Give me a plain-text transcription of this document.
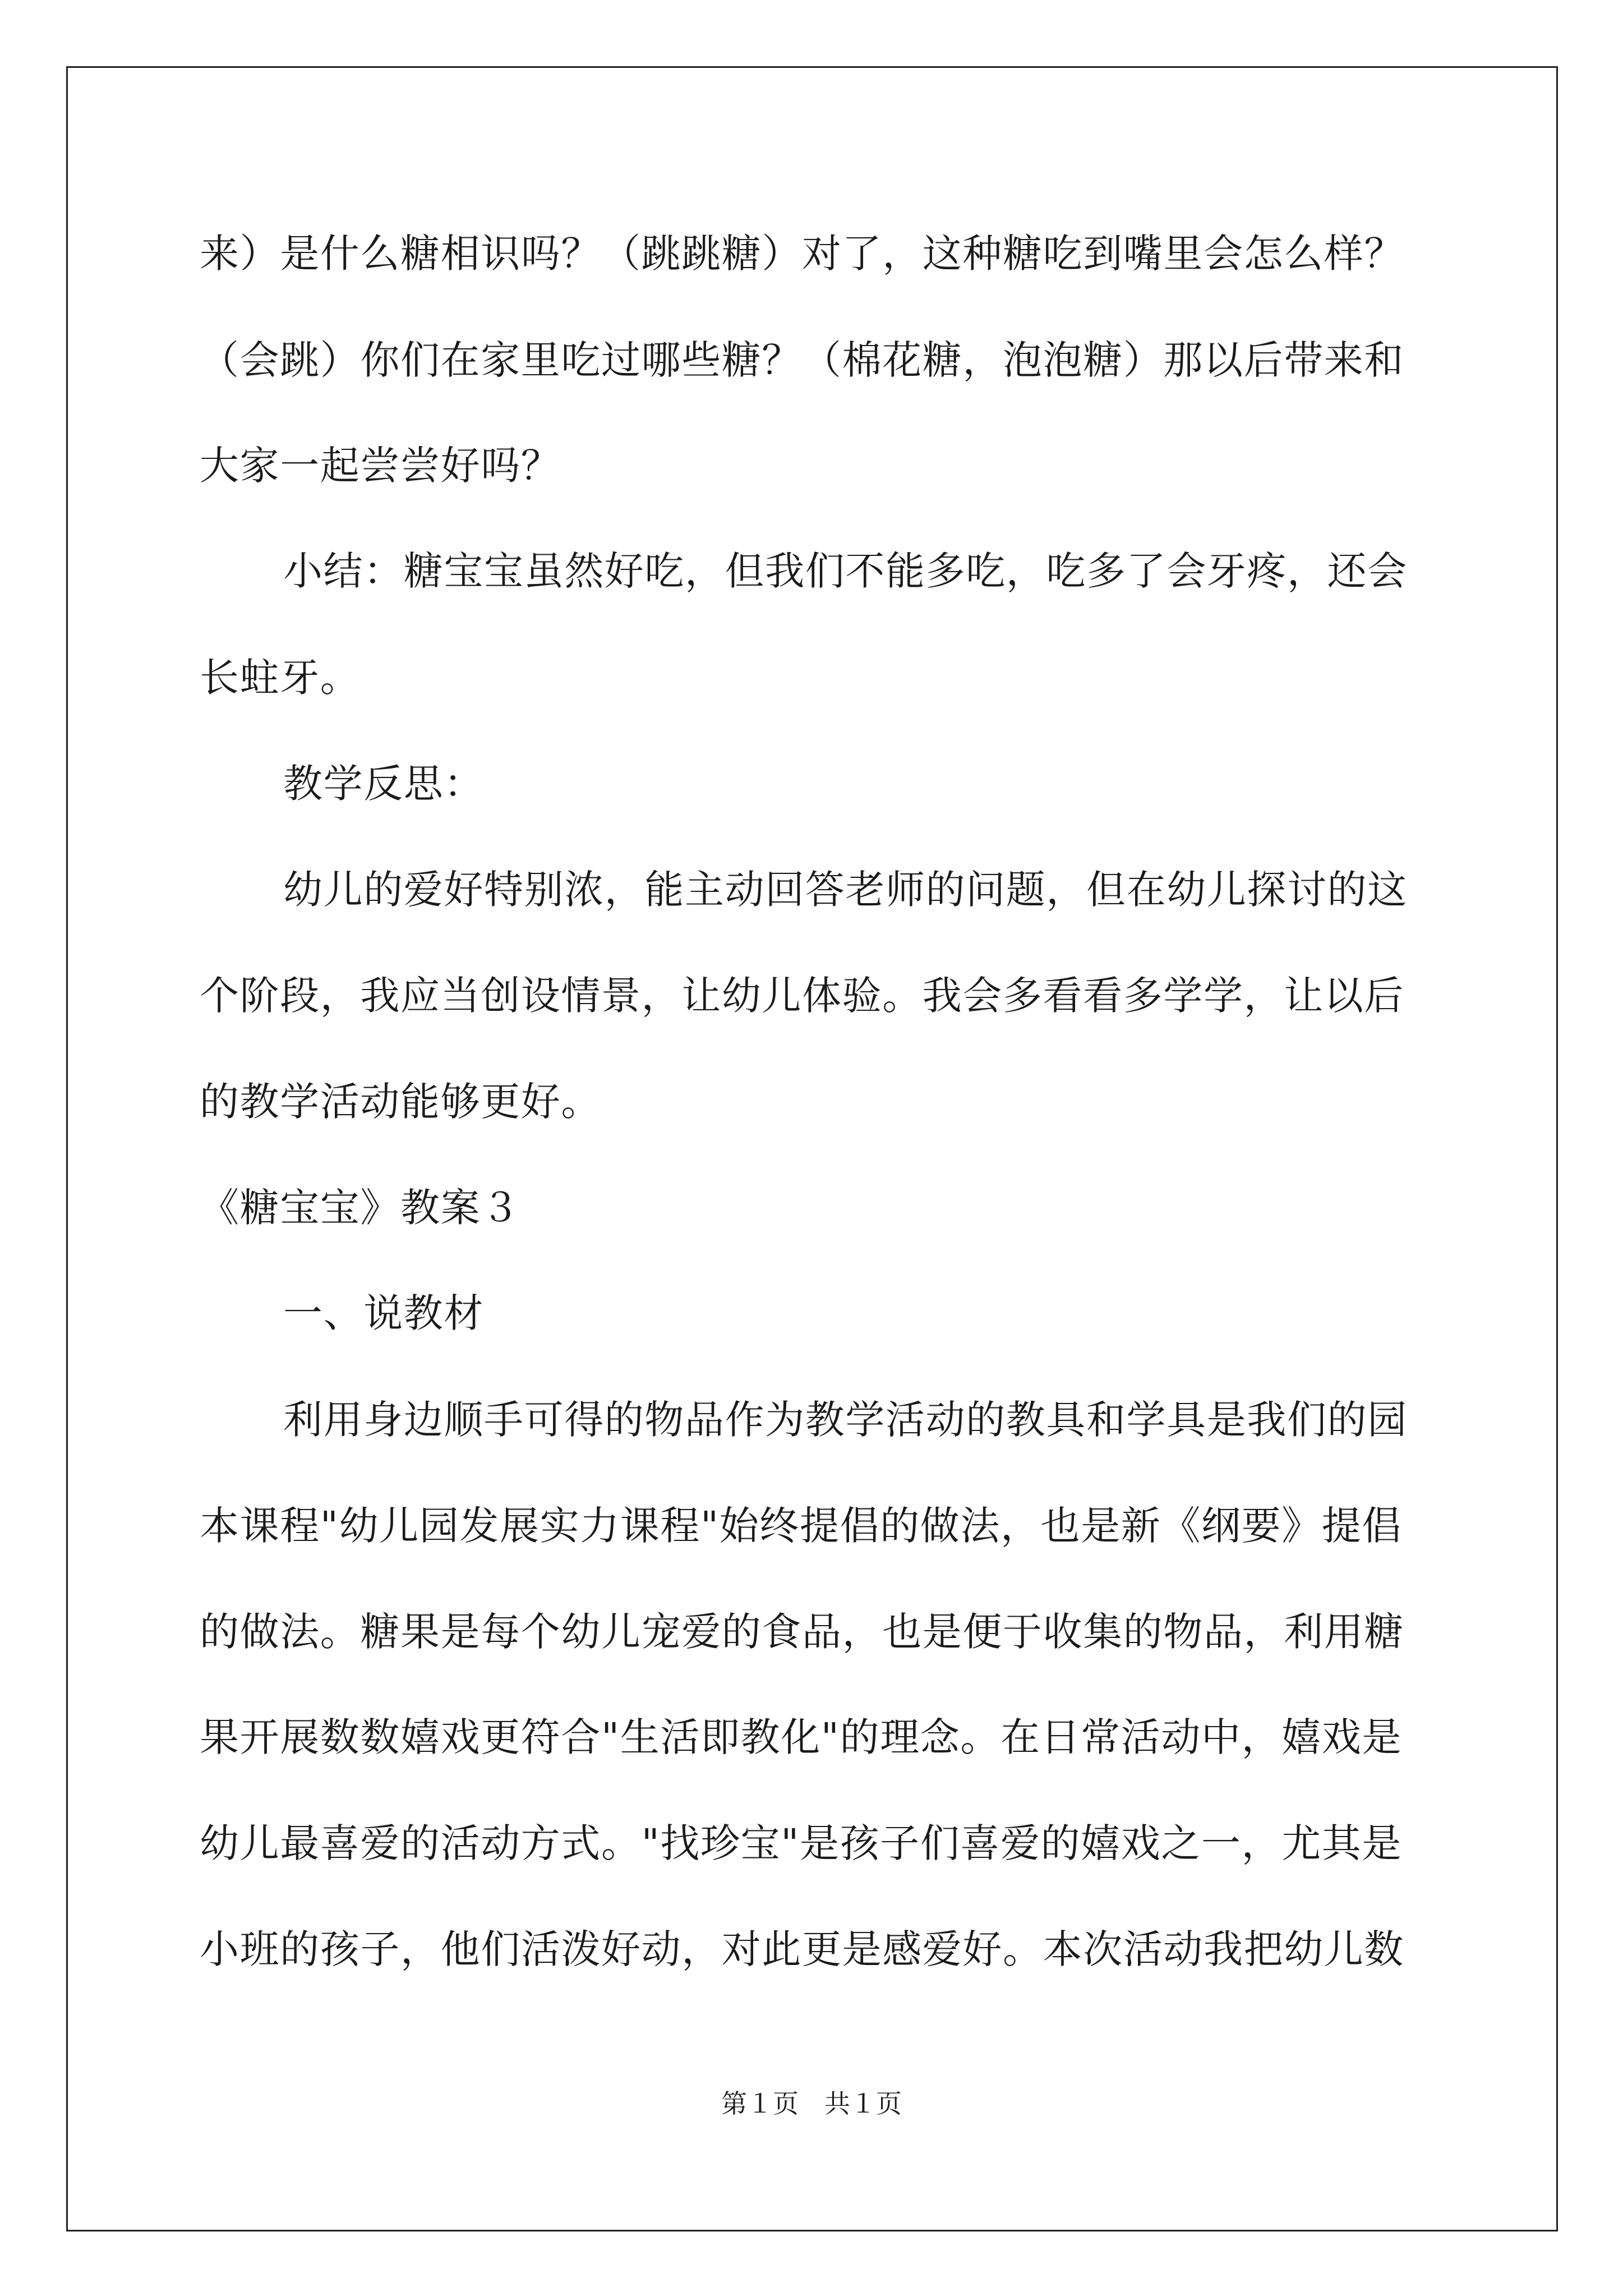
来）是什么糖相识吗？（跳跳糖）对了，这种糖吃到嘴里会怎么样？
（会跳）你们在家里吃过哪些糖？（棉花糖，泡泡糖）那以后带来和
大家一起尝尝好吗？
小结：糖宝宝虽然好吃，但我们不能多吃，吃多了会牙疼，还会
长蛀牙。
教学反思：
幼儿的爱好特别浓，能主动回答老师的问题，但在幼儿探讨的这
个阶段，我应当创设情景，让幼儿体验。我会多看看多学学，让以后
的教学活动能够更好。
《糖宝宝》教案３
一、说教材
利用身边顺手可得的物品作为教学活动的教具和学具是我们的园
本课程"幼儿园发展实力课程"始终提倡的做法，也是新《纲要》提倡
的做法。糖果是每个幼儿宠爱的食品，也是便于收集的物品，利用糖
果开展数数嬉戏更符合"生活即教化"的理念。在日常活动中，嬉戏是
幼儿最喜爱的活动方式。"找珍宝"是孩子们喜爱的嬉戏之一，尤其是
小班的孩子，他们活泼好动，对此更是感爱好。本次活动我把幼儿数
第１页　共１页
